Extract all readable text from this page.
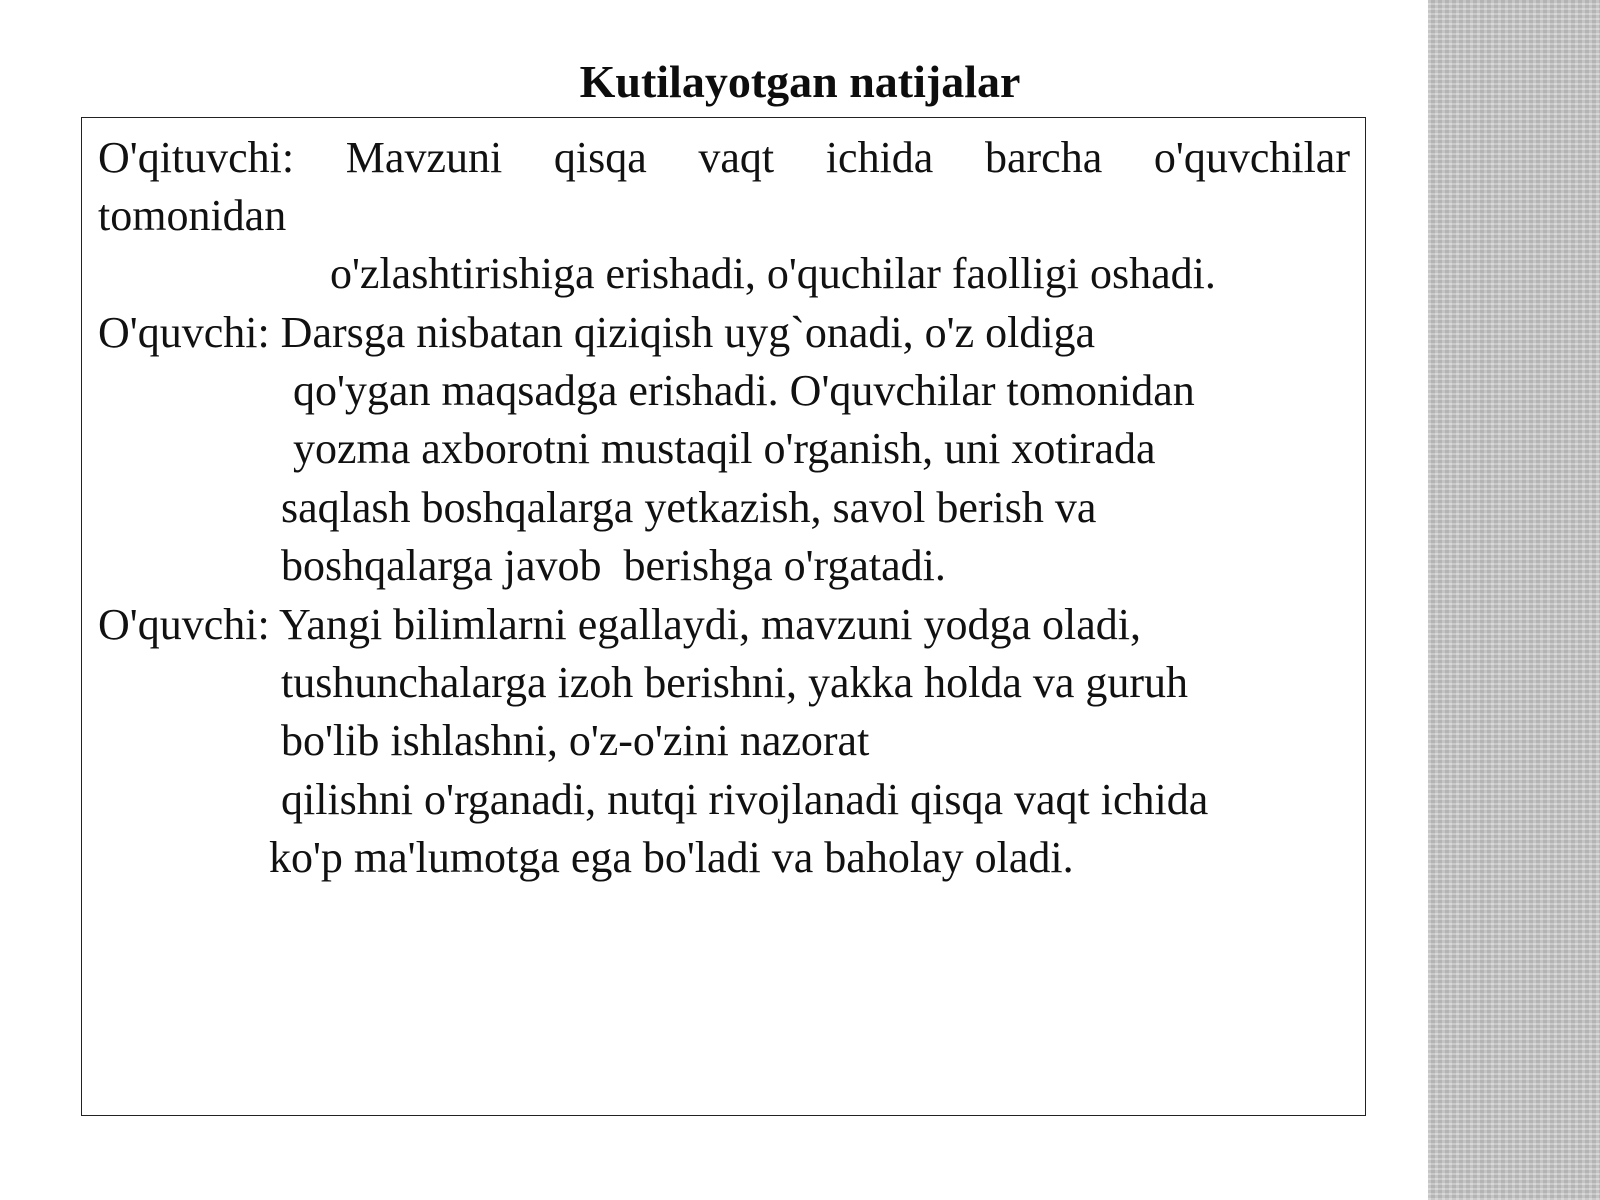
Kutilayotgan natijalar
O'qituvchi: Mavzuni qisqa vaqt ichida barcha o'quvchilar
tomonidan
o'zlashtirishiga erishadi, o'quchilar faolligi oshadi.
O'quvchi: Darsga nisbatan qiziqish uyg`onadi, o'z oldiga
qo'ygan maqsadga erishadi. O'quvchilar tomonidan
yozma axborotni mustaqil o'rganish, uni xotirada
saqlash boshqalarga yetkazish, savol berish va
boshqalarga javob  berishga o'rgatadi.
O'quvchi: Yangi bilimlarni egallaydi, mavzuni yodga oladi,
tushunchalarga izoh berishni, yakka holda va guruh
bo'lib ishlashni, o'z-o'zini nazorat
qilishni o'rganadi, nutqi rivojlanadi qisqa vaqt ichida
ko'p ma'lumotga ega bo'ladi va baholay oladi.
